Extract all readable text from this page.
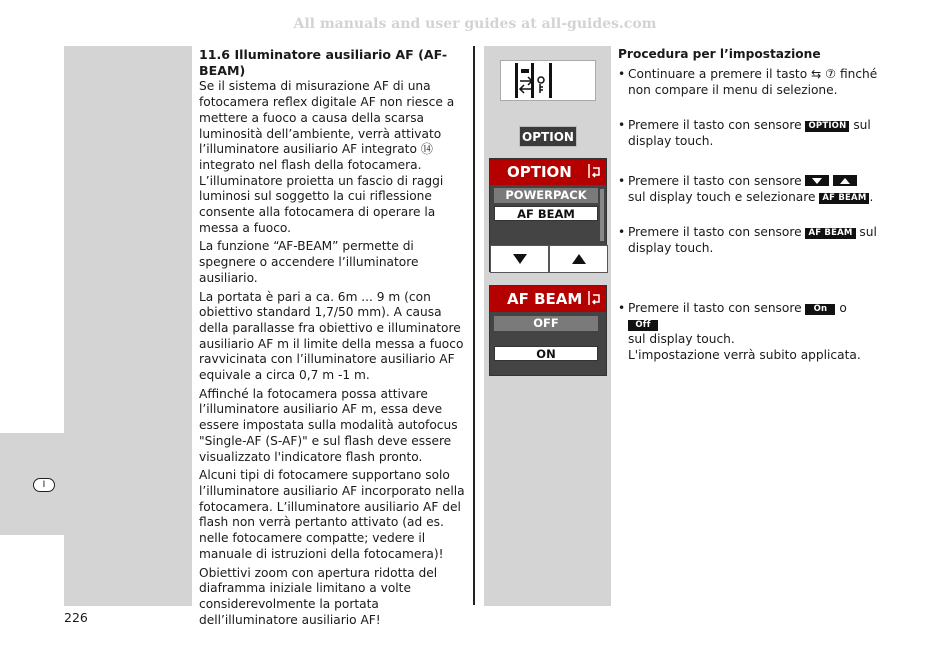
All manuals and user guides at all-guides.com
I
11.6 Illuminatore ausiliario AF (AF-BEAM)

Se il sistema di misurazione AF di una fotocamera reflex digitale AF non riesce a mettere a fuoco a causa della scarsa luminosità dell’ambiente, verrà attivato l’illuminatore ausiliario AF integrato ⑭ integrato nel flash della fotocamera. L’illuminatore proietta un fascio di raggi luminosi sul soggetto la cui riflessione consente alla fotocamera di operare la messa a fuoco.

La funzione “AF-BEAM” permette di spegnere o accendere l’illuminatore ausiliario.

La portata è pari a ca. 6m ... 9 m (con obiettivo standard 1,7/50 mm). A causa della parallasse fra obiettivo e illuminatore ausiliario AF m il limite della messa a fuoco ravvicinata con l’illuminatore ausiliario AF equivale a circa 0,7 m -1 m.

Affinché la fotocamera possa attivare l’illuminatore ausiliario AF m, essa deve essere impostata sulla modalità autofocus "Single-AF (S-AF)" e sul flash deve essere visualizzato l'indicatore flash pronto.

Alcuni tipi di fotocamere supportano solo l’illuminatore ausiliario AF incorporato nella fotocamera. L’illuminatore ausiliario AF del flash non verrà pertanto attivato (ad es. nelle fotocamere compatte; vedere il manuale di istruzioni della fotocamera)!

Obiettivi zoom con apertura ridotta del diaframma iniziale limitano a volte considerevolmente la portata dell’illuminatore ausiliario AF!

OPTION
OPTION
POWERPACK
AF BEAM
AF BEAM
OFF
ON
Procedura per l’impostazione
• Continuare a premere il tasto ⇆ ⑦ finché non compare il menu di selezione.
• Premere il tasto con sensore OPTION sul display touch.
• Premere il tasto con sensore

sul display touch e selezionare AF BEAM .
• Premere il tasto con sensore AF BEAM sul display touch.
• Premere il tasto con sensore On o Off
sul display touch.
L'impostazione verrà subito applicata.
226
